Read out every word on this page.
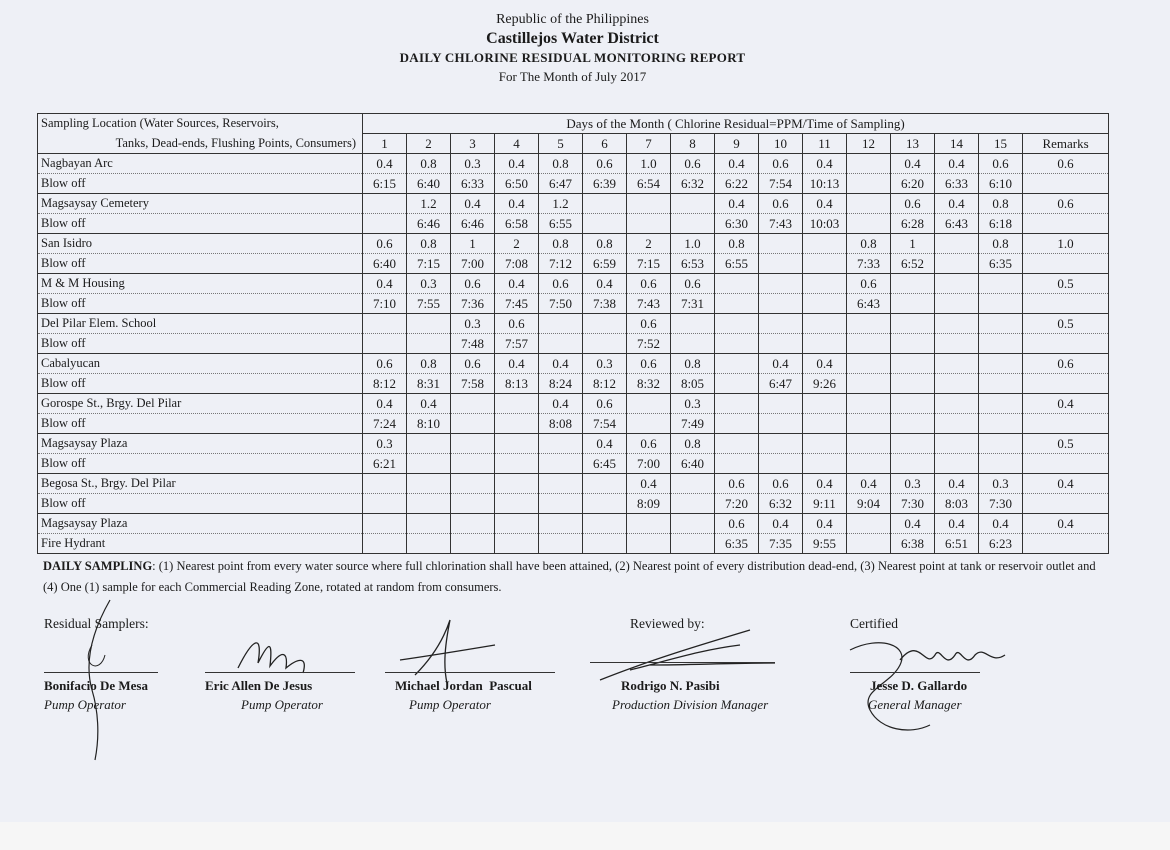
Republic of the Philippines
Castillejos Water District
DAILY CHLORINE RESIDUAL MONITORING REPORT
For The Month of July 2017
Sampling Location (Water Sources, Reservoirs,	Days of the Month ( Chlorine Residual=PPM/Time of Sampling)															
Tanks, Dead-ends, Flushing Points, Consumers)	1	2	3	4	5	6	7	8	9	10	11	12	13	14	15	Remarks
Nagbayan Arc	0.4	0.8	0.3	0.4	0.8	0.6	1.0	0.6	0.4	0.6	0.4		0.4	0.4	0.6	0.6
Blow off	6:15	6:40	6:33	6:50	6:47	6:39	6:54	6:32	6:22	7:54	10:13		6:20	6:33	6:10	
Magsaysay Cemetery		1.2	0.4	0.4	1.2				0.4	0.6	0.4		0.6	0.4	0.8	0.6
Blow off		6:46	6:46	6:58	6:55				6:30	7:43	10:03		6:28	6:43	6:18	
San Isidro	0.6	0.8	1	2	0.8	0.8	2	1.0	0.8			0.8	1		0.8	1.0
Blow off	6:40	7:15	7:00	7:08	7:12	6:59	7:15	6:53	6:55			7:33	6:52		6:35	
M & M Housing	0.4	0.3	0.6	0.4	0.6	0.4	0.6	0.6				0.6				0.5
Blow off	7:10	7:55	7:36	7:45	7:50	7:38	7:43	7:31				6:43				
Del Pilar Elem. School			0.3	0.6			0.6									0.5
Blow off			7:48	7:57			7:52									
Cabalyucan	0.6	0.8	0.6	0.4	0.4	0.3	0.6	0.8		0.4	0.4					0.6
Blow off	8:12	8:31	7:58	8:13	8:24	8:12	8:32	8:05		6:47	9:26					
Gorospe St., Brgy. Del Pilar	0.4	0.4			0.4	0.6		0.3								0.4
Blow off	7:24	8:10			8:08	7:54		7:49								
Magsaysay Plaza	0.3					0.4	0.6	0.8								0.5
Blow off	6:21					6:45	7:00	6:40								
Begosa St., Brgy. Del Pilar							0.4		0.6	0.6	0.4	0.4	0.3	0.4	0.3	0.4
Blow off							8:09		7:20	6:32	9:11	9:04	7:30	8:03	7:30	
Magsaysay Plaza									0.6	0.4	0.4		0.4	0.4	0.4	0.4
Fire Hydrant									6:35	7:35	9:55		6:38	6:51	6:23	
DAILY SAMPLING: (1) Nearest point from every water source where full chlorination shall have been attained, (2) Nearest point of every distribution dead-end, (3) Nearest point at tank or reservoir outlet and (4) One (1) sample for each Commercial Reading Zone, rotated at random from consumers.
Residual Samplers:	Reviewed by:	Certified
Bonifacio De Mesa
Pump Operator
Eric Allen De Jesus
Pump Operator
Michael Jordan  Pascual
Pump Operator
Rodrigo N. Pasibi
Production Division Manager
Jesse D. Gallardo
General Manager
